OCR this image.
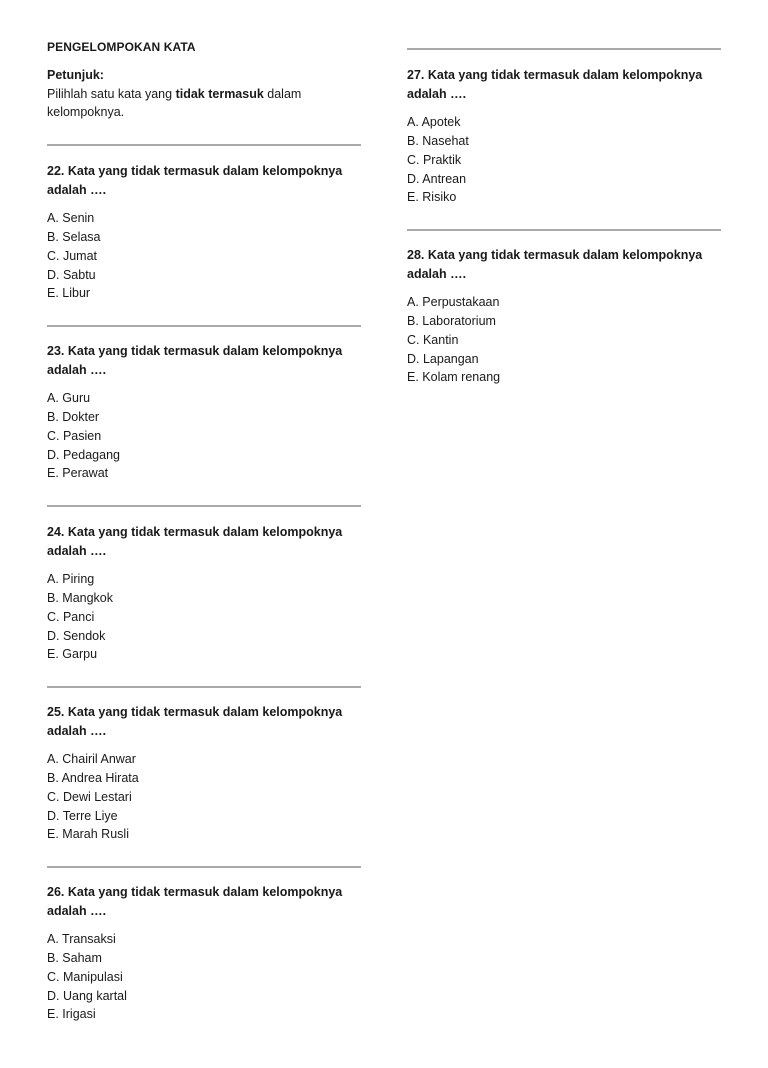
PENGELOMPOKAN KATA
Petunjuk:
Pilihlah satu kata yang tidak termasuk dalam kelompoknya.

22. Kata yang tidak termasuk dalam kelompoknya adalah ….

A. Senin
B. Selasa
C. Jumat
D. Sabtu
E. Libur

23. Kata yang tidak termasuk dalam kelompoknya adalah ….

A. Guru
B. Dokter
C. Pasien
D. Pedagang
E. Perawat

24. Kata yang tidak termasuk dalam kelompoknya adalah ….

A. Piring
B. Mangkok
C. Panci
D. Sendok
E. Garpu

25. Kata yang tidak termasuk dalam kelompoknya adalah ….

A. Chairil Anwar
B. Andrea Hirata
C. Dewi Lestari
D. Terre Liye
E. Marah Rusli

26. Kata yang tidak termasuk dalam kelompoknya adalah ….

A. Transaksi
B. Saham
C. Manipulasi
D. Uang kartal
E. Irigasi

27. Kata yang tidak termasuk dalam kelompoknya adalah ….

A. Apotek
B. Nasehat
C. Praktik
D. Antrean
E. Risiko

28. Kata yang tidak termasuk dalam kelompoknya adalah ….

A. Perpustakaan
B. Laboratorium
C. Kantin
D. Lapangan
E. Kolam renang
